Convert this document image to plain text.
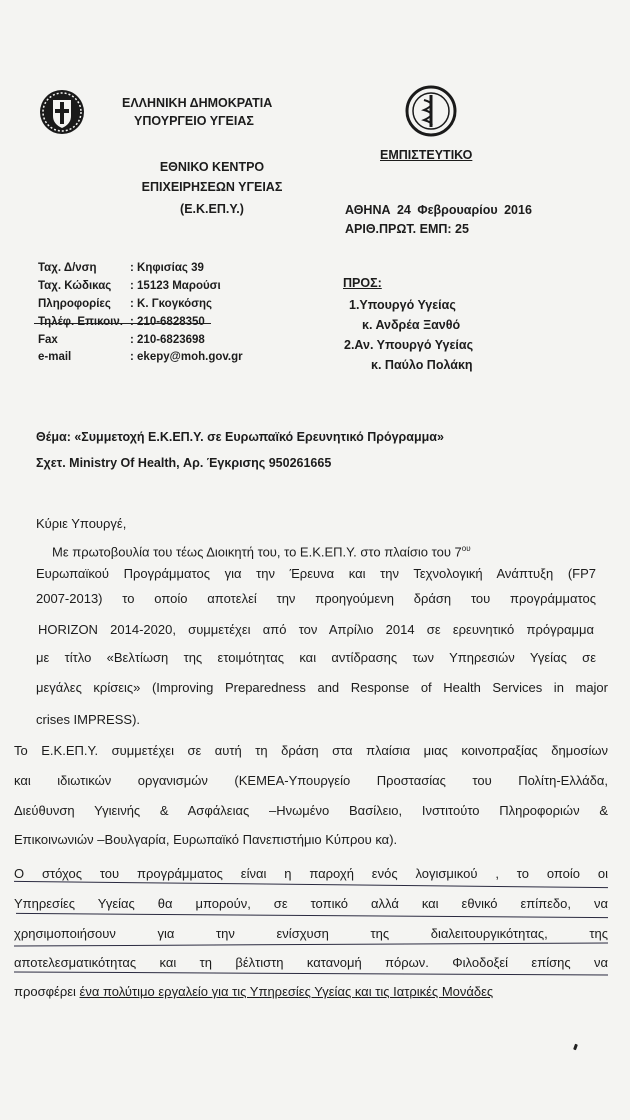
ΕΛΛΗΝΙΚΗ ΔΗΜΟΚΡΑΤΙΑ
ΥΠΟΥΡΓΕΙΟ ΥΓΕΙΑΣ
ΕΘΝΙΚΟ ΚΕΝΤΡΟ
ΕΠΙΧΕΙΡΗΣΕΩΝ ΥΓΕΙΑΣ
(Ε.Κ.ΕΠ.Υ.)
ΕΜΠΙΣΤΕΥΤΙΚΟ
ΑΘΗΝΑ 24 Φεβρουαρίου 2016
ΑΡΙΘ.ΠΡΩΤ. ΕΜΠ: 25
Ταχ. Δ/νση	: Κηφισίας 39
Ταχ. Κώδικας : 15123 Μαρούσι
Πληροφορίες : Κ. Γκογκόσης
Τηλέφ. Επικοιν. : 210-6828350
Fax	: 210-6823698
e-mail	: ekepy@moh.gov.gr
ΠΡΟΣ:
1.Υπουργό Υγείας
κ. Ανδρέα Ξανθό
2.Αν. Υπουργό Υγείας
κ. Παύλο Πολάκη
Θέμα: «Συμμετοχή Ε.Κ.ΕΠ.Υ. σε Ευρωπαϊκό Ερευνητικό Πρόγραμμα»
Σχετ. Ministry Of Health, Αρ. Έγκρισης 950261665
Κύριε Υπουργέ,
Με πρωτοβουλία του τέως Διοικητή του, το Ε.Κ.ΕΠ.Υ. στο πλαίσιο του $7^{o\upsilon}$
Ευρωπαϊκού Προγράμματος για την Έρευνα και την Τεχνολογική Ανάπτυξη (FP7
2007-2013) το οποίο αποτελεί την προηγούμενη δράση του προγράμματος
HORIZON 2014-2020, συμμετέχει από τον Απρίλιο 2014 σε ερευνητικό πρόγραμμα
με τίτλο «Βελτίωση της ετοιμότητας και αντίδρασης των Υπηρεσιών Υγείας σε
μεγάλες κρίσεις» (Improving Preparedness and Response of Health Services in major
crises IMPRESS).
Το Ε.Κ.ΕΠ.Υ. συμμετέχει σε αυτή τη δράση στα πλαίσια μιας κοινοπραξίας δημοσίων
και ιδιωτικών οργανισμών (ΚΕΜΕΑ-Υπουργείο Προστασίας του Πολίτη-Ελλάδα,
Διεύθυνση Υγιεινής & Ασφάλειας –Ηνωμένο Βασίλειο, Ινστιτούτο Πληροφοριών &
Επικοινωνιών –Βουλγαρία, Ευρωπαϊκό Πανεπιστήμιο Κύπρου κα).
Ο στόχος του προγράμματος είναι η παροχή ενός λογισμικού , το οποίο οι
Υπηρεσίες Υγείας θα μπορούν, σε τοπικό αλλά και εθνικό επίπεδο, να
χρησιμοποιήσουν για την ενίσχυση της διαλειτουργικότητας, της
αποτελεσματικότητας και τη βέλτιστη κατανομή πόρων. Φιλοδοξεί επίσης να
προσφέρει ένα πολύτιμο εργαλείο για τις Υπηρεσίες Υγείας και τις Ιατρικές Μονάδες
